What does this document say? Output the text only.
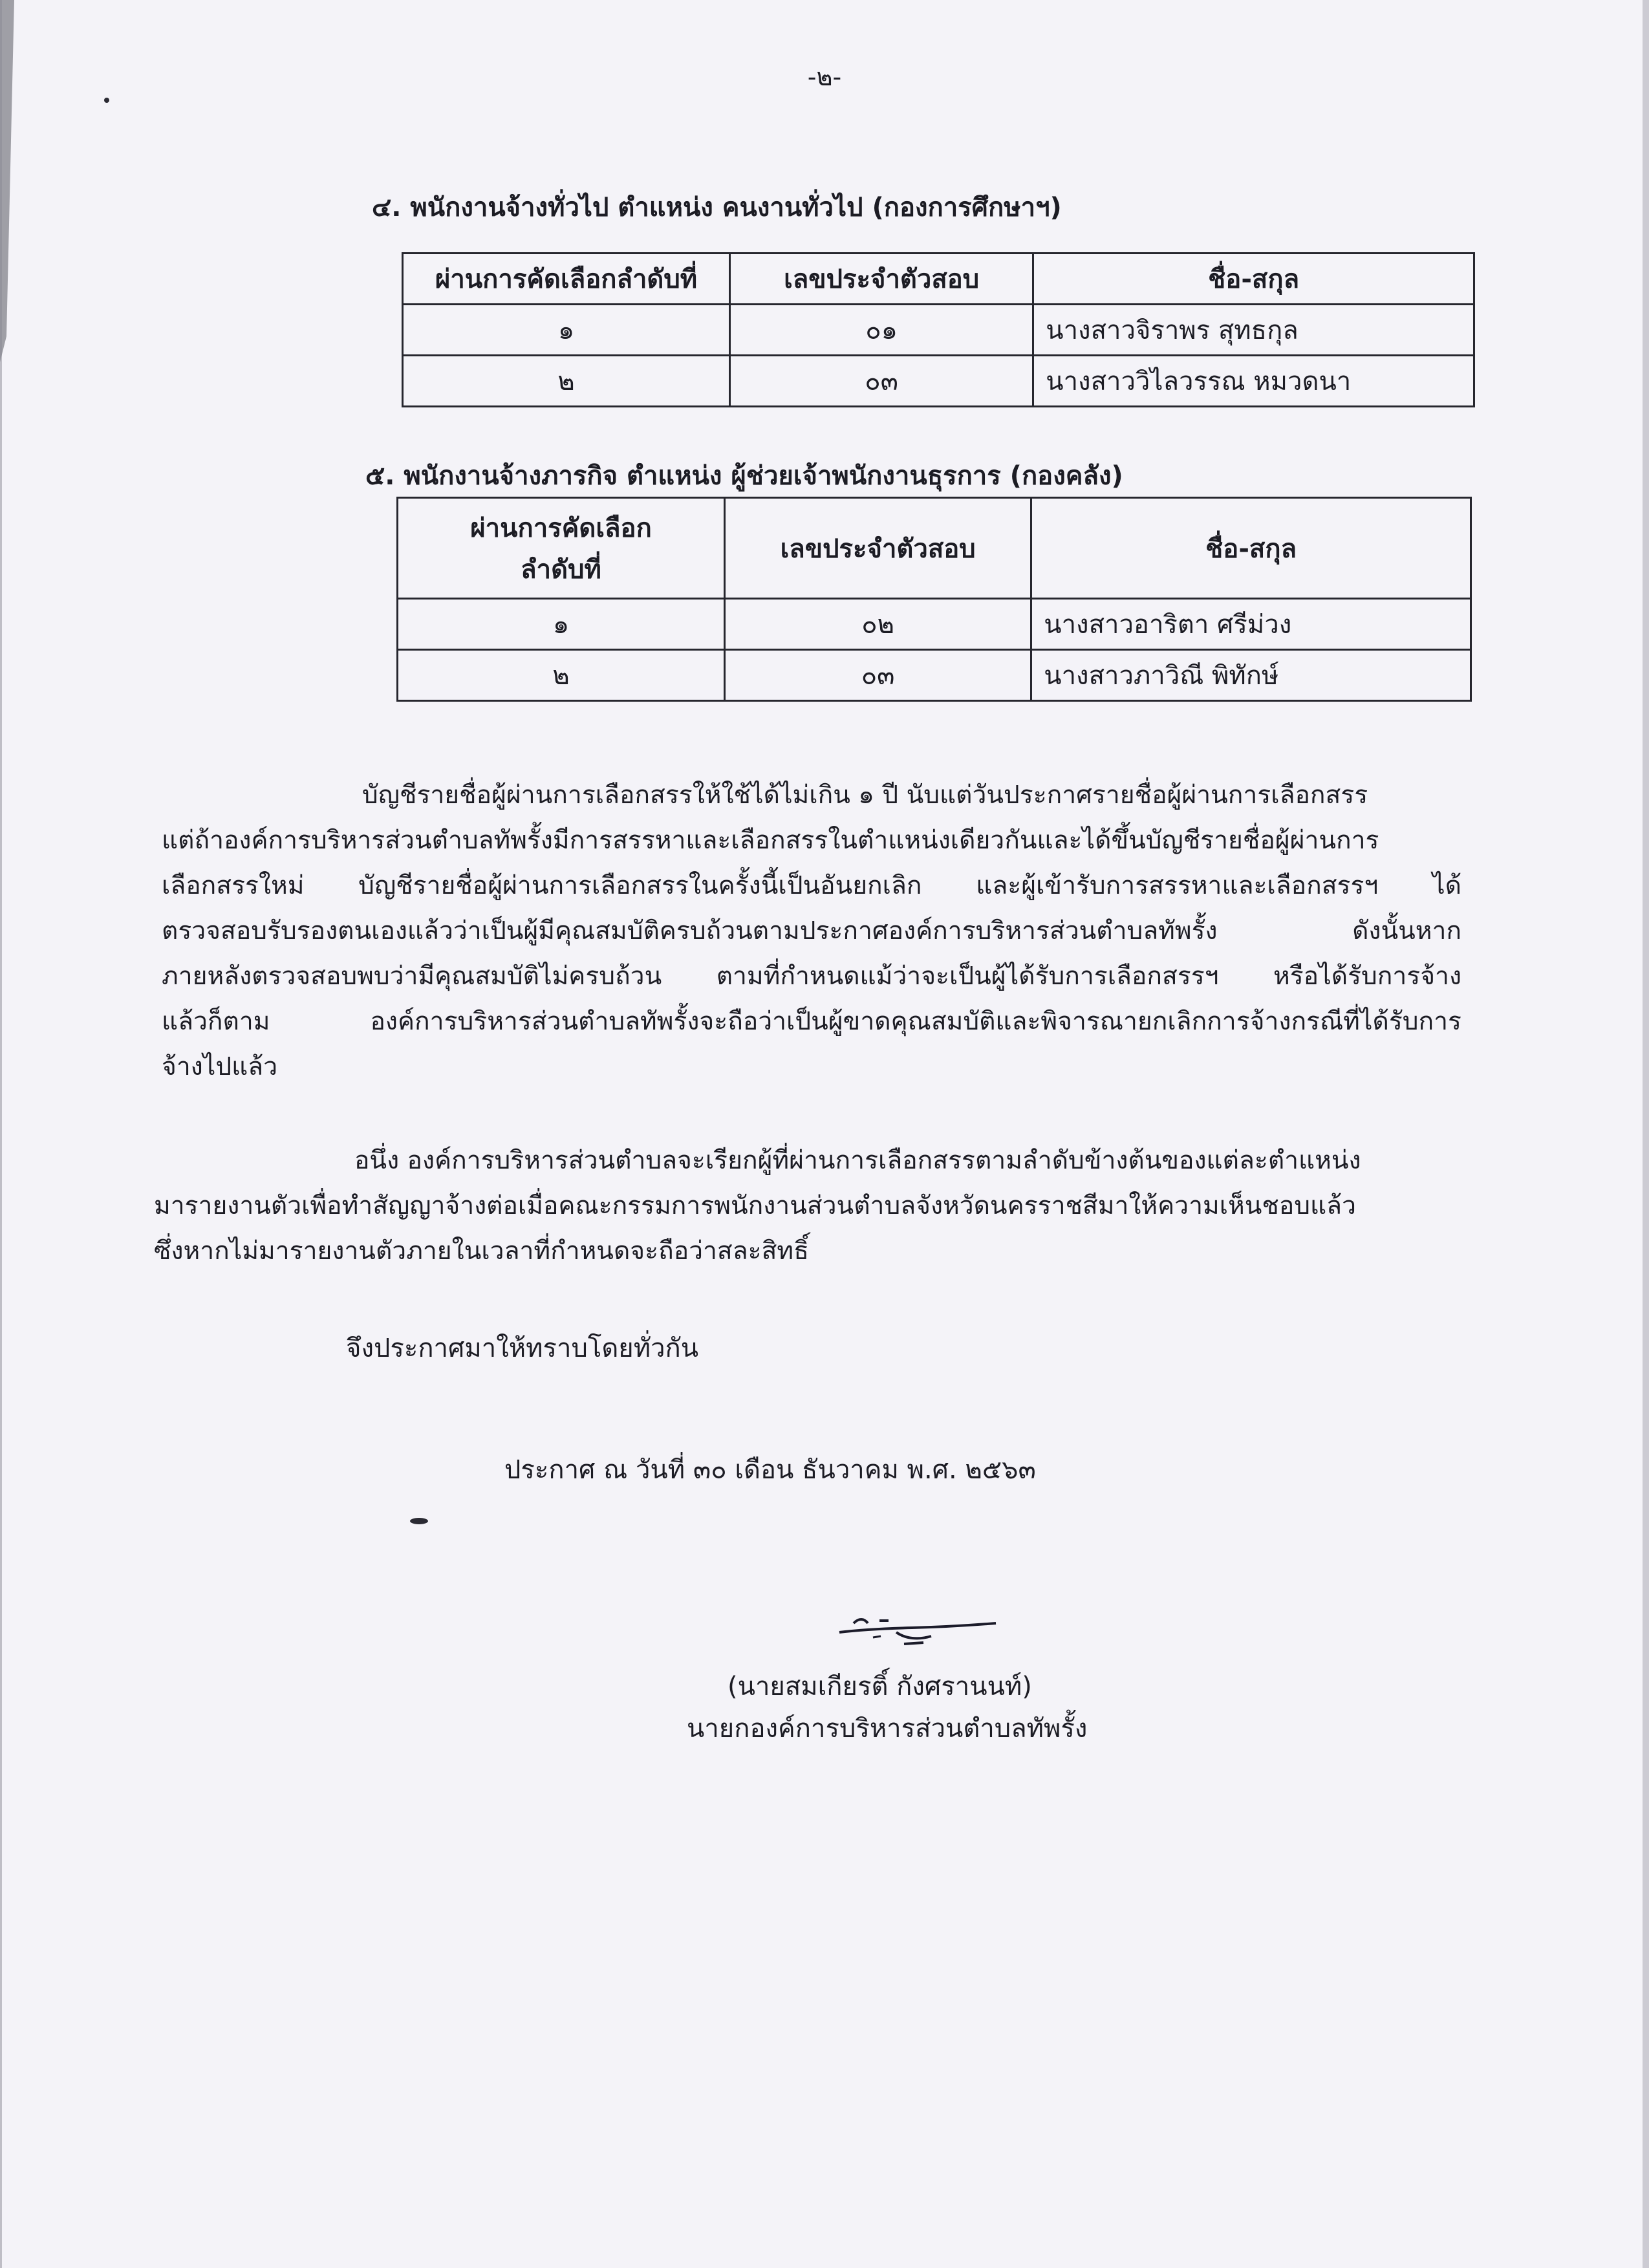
-๒-
๔. พนักงานจ้างทั่วไป ตำแหน่ง คนงานทั่วไป (กองการศึกษาฯ)
ผ่านการคัดเลือกลำดับที่	เลขประจำตัวสอบ	ชื่อ-สกุล
๑	๐๑	นางสาวจิราพร สุทธกุล
๒	๐๓	นางสาววิไลวรรณ หมวดนา
๕. พนักงานจ้างภารกิจ ตำแหน่ง ผู้ช่วยเจ้าพนักงานธุรการ (กองคลัง)
ผ่านการคัดเลือก
ลำดับที่	เลขประจำตัวสอบ	ชื่อ-สกุล
๑	๐๒	นางสาวอาริตา ศรีม่วง
๒	๐๓	นางสาวภาวิณี พิทักษ์
บัญชีรายชื่อผู้ผ่านการเลือกสรรให้ใช้ได้ไม่เกิน ๑ ปี นับแต่วันประกาศรายชื่อผู้ผ่านการเลือกสรร
แต่ถ้าองค์การบริหารส่วนตำบลทัพรั้งมีการสรรหาและเลือกสรรในตำแหน่งเดียวกันและได้ขึ้นบัญชีรายชื่อผู้ผ่านการ
เลือกสรรใหม่ บัญชีรายชื่อผู้ผ่านการเลือกสรรในครั้งนี้เป็นอันยกเลิก และผู้เข้ารับการสรรหาและเลือกสรรฯ ได้
ตรวจสอบรับรองตนเองแล้วว่าเป็นผู้มีคุณสมบัติครบถ้วนตามประกาศองค์การบริหารส่วนตำบลทัพรั้ง ดังนั้นหาก
ภายหลังตรวจสอบพบว่ามีคุณสมบัติไม่ครบถ้วน ตามที่กำหนดแม้ว่าจะเป็นผู้ได้รับการเลือกสรรฯ หรือได้รับการจ้าง
แล้วก็ตาม องค์การบริหารส่วนตำบลทัพรั้งจะถือว่าเป็นผู้ขาดคุณสมบัติและพิจารณายกเลิกการจ้างกรณีที่ได้รับการ
จ้างไปแล้ว
อนึ่ง องค์การบริหารส่วนตำบลจะเรียกผู้ที่ผ่านการเลือกสรรตามลำดับข้างต้นของแต่ละตำแหน่ง
มารายงานตัวเพื่อทำสัญญาจ้างต่อเมื่อคณะกรรมการพนักงานส่วนตำบลจังหวัดนครราชสีมาให้ความเห็นชอบแล้ว
ซึ่งหากไม่มารายงานตัวภายในเวลาที่กำหนดจะถือว่าสละสิทธิ์
จึงประกาศมาให้ทราบโดยทั่วกัน
ประกาศ ณ วันที่ ๓๐ เดือน ธันวาคม พ.ศ. ๒๕๖๓
(นายสมเกียรติ์ กังศรานนท์)
นายกองค์การบริหารส่วนตำบลทัพรั้ง
